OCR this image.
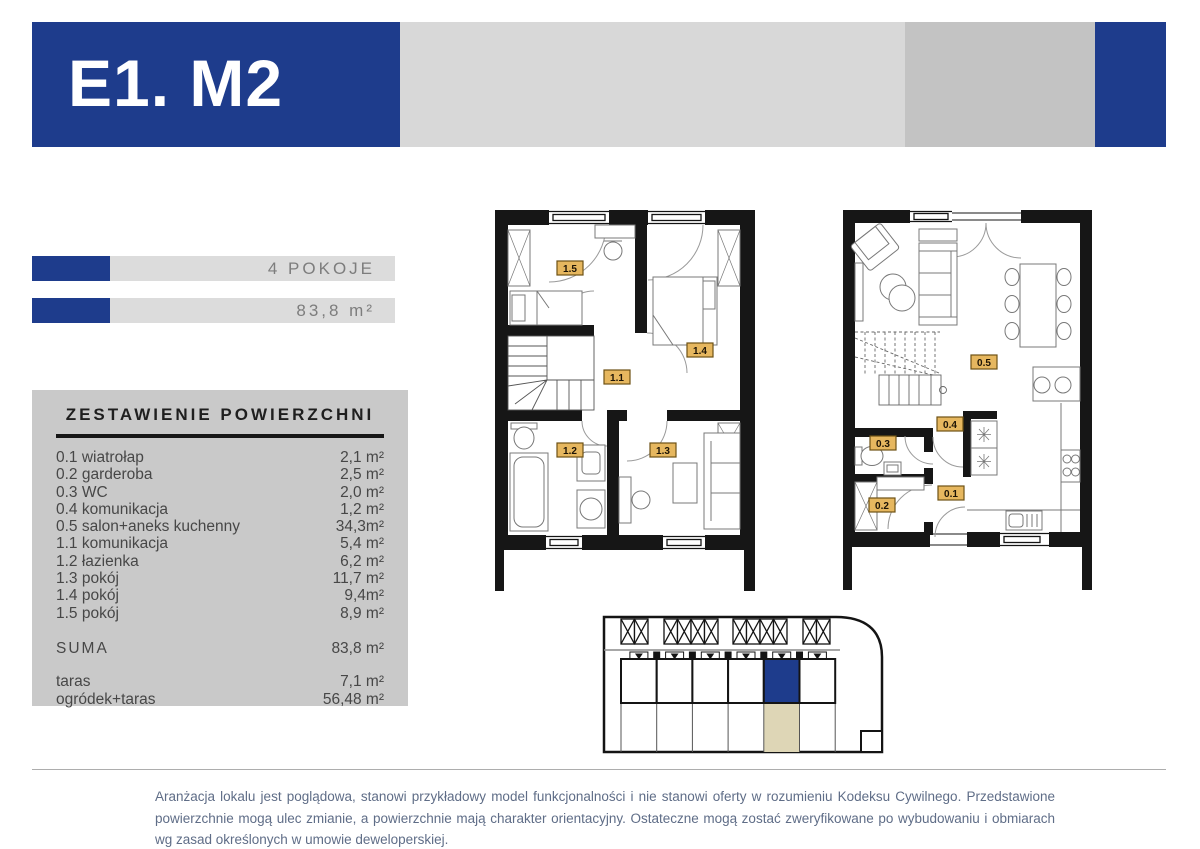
E1. M2
4 POKOJE
83,8 m²
ZESTAWIENIE POWIERZCHNI
0.1 wiatrołap	2,1 m²
0.2 garderoba	2,5 m²
0.3 WC	2,0 m²
0.4 komunikacja	1,2 m²
0.5 salon+aneks kuchenny	34,3m²
1.1 komunikacja	5,4 m²
1.2 łazienka	6,2 m²
1.3 pokój	11,7 m²
1.4 pokój	9,4m²
1.5 pokój	8,9 m²
SUMA	83,8 m²
taras	7,1 m²
ogródek+taras	56,48 m²
1.5
1.4
1.1
1.2	1.3
0.5
0.4
0.3
0.2
0.1
Aranżacja lokalu jest poglądowa, stanowi przykładowy model funkcjonalności i nie stanowi oferty w rozumieniu Kodeksu Cywilnego. Przedstawione powierzchnie mogą ulec zmianie, a powierzchnie mają charakter orientacyjny. Ostateczne mogą zostać zweryfikowane po wybudowaniu i obmiarach wg zasad określonych w umowie deweloperskiej.
